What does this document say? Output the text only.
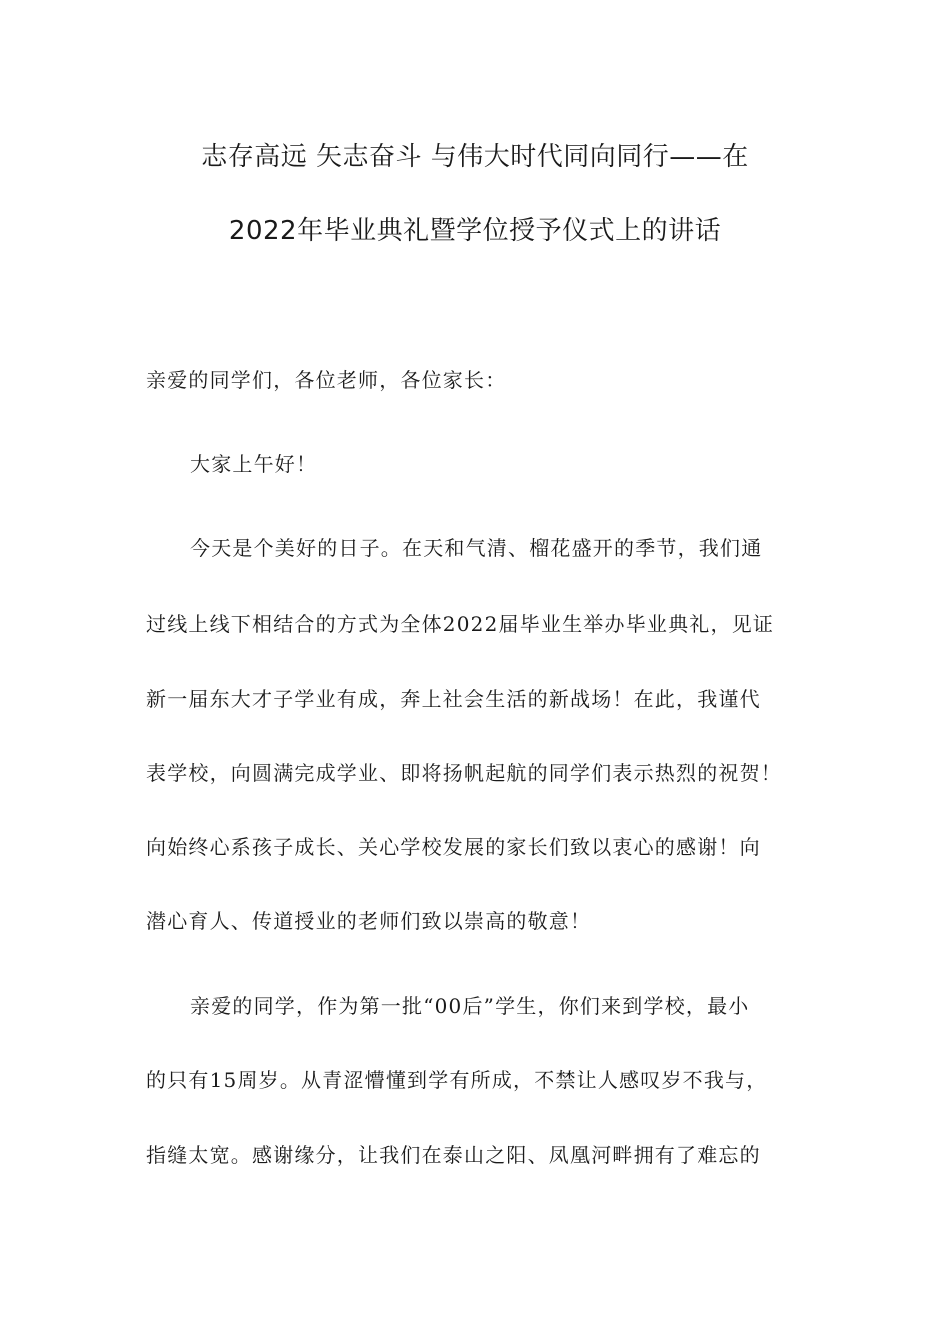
志存高远 矢志奋斗 与伟大时代同向同行——在
2022年毕业典礼暨学位授予仪式上的讲话
亲爱的同学们，各位老师，各位家长：
大家上午好！
今天是个美好的日子。在天和气清、榴花盛开的季节，我们通
过线上线下相结合的方式为全体2022届毕业生举办毕业典礼，见证
新一届东大才子学业有成，奔上社会生活的新战场！在此，我谨代
表学校，向圆满完成学业、即将扬帆起航的同学们表示热烈的祝贺！
向始终心系孩子成长、关心学校发展的家长们致以衷心的感谢！向
潜心育人、传道授业的老师们致以崇高的敬意！
亲爱的同学，作为第一批“00后”学生，你们来到学校，最小
的只有15周岁。从青涩懵懂到学有所成，不禁让人感叹岁不我与，
指缝太宽。感谢缘分，让我们在泰山之阳、凤凰河畔拥有了难忘的
